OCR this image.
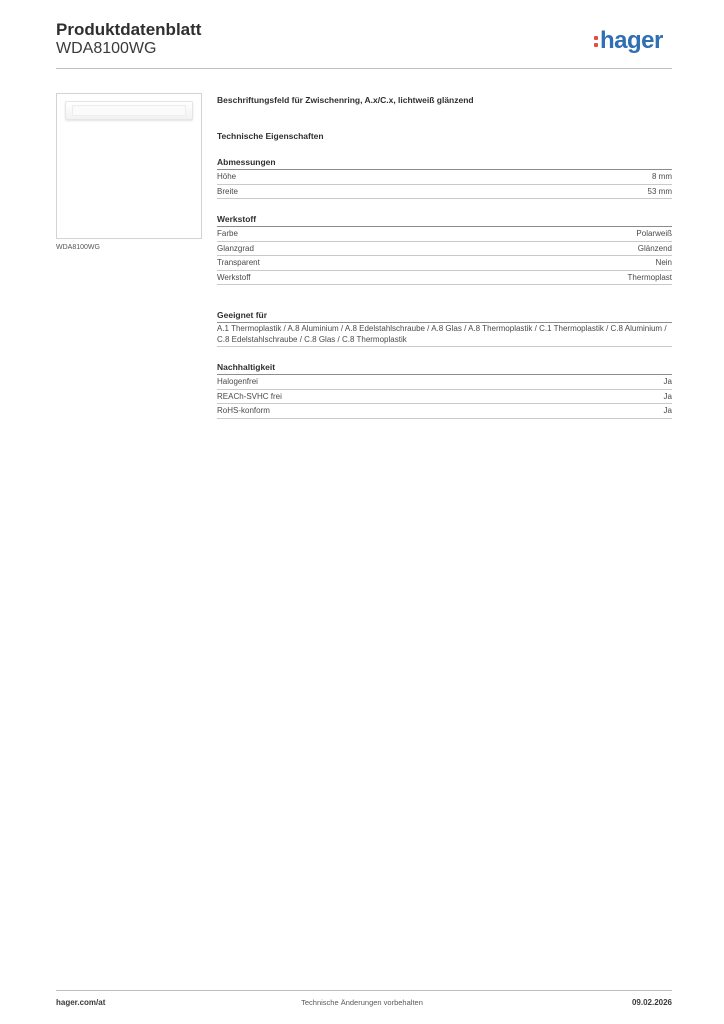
Produktdatenblatt
WDA8100WG	hager
WDA8100WG
Beschriftungsfeld für Zwischenring, A.x/C.x, lichtweiß glänzend
Technische Eigenschaften
Abmessungen
Höhe	8 mm
Breite	53 mm
Werkstoff
Farbe	Polarweiß
Glanzgrad	Glänzend
Transparent	Nein
Werkstoff	Thermoplast
Geeignet für
A.1 Thermoplastik / A.8 Aluminium / A.8 Edelstahlschraube / A.8 Glas / A.8 Thermoplastik / C.1 Thermoplastik / C.8 Aluminium / C.8 Edelstahlschraube / C.8 Glas / C.8 Thermoplastik
Nachhaltigkeit
Halogenfrei	Ja
REACh-SVHC frei	Ja
RoHS-konform	Ja
hager.com/at	Technische Änderungen vorbehalten	09.02.2026
